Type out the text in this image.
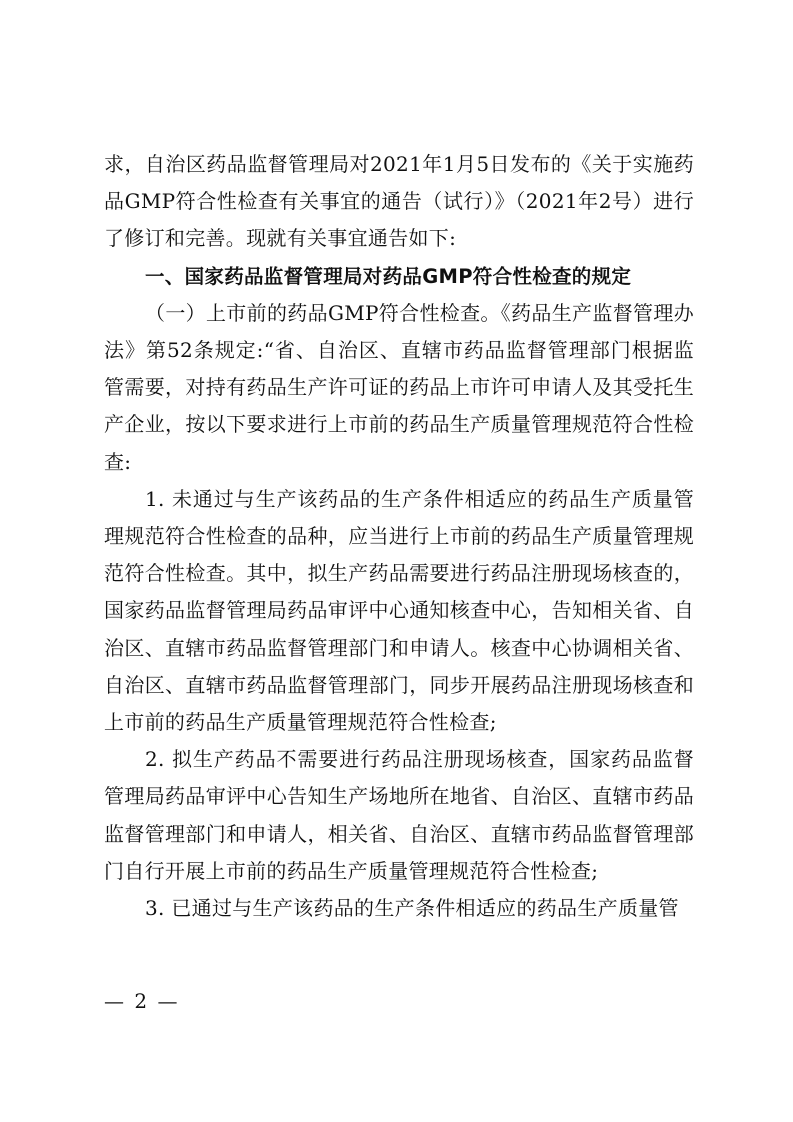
求，自治区药品监督管理局对2021年1月5日发布的《关于实施药品GMP符合性检查有关事宜的通告（试行）》（2021年2号）进行了修订和完善。现就有关事宜通告如下:

一、国家药品监督管理局对药品GMP符合性检查的规定

（一）上市前的药品GMP符合性检查。《药品生产监督管理办法》第52条规定:“省、自治区、直辖市药品监督管理部门根据监管需要，对持有药品生产许可证的药品上市许可申请人及其受托生产企业，按以下要求进行上市前的药品生产质量管理规范符合性检查:

1. 未通过与生产该药品的生产条件相适应的药品生产质量管理规范符合性检查的品种，应当进行上市前的药品生产质量管理规范符合性检查。其中，拟生产药品需要进行药品注册现场核查的，国家药品监督管理局药品审评中心通知核查中心，告知相关省、自治区、直辖市药品监督管理部门和申请人。核查中心协调相关省、自治区、直辖市药品监督管理部门，同步开展药品注册现场核查和上市前的药品生产质量管理规范符合性检查;

2. 拟生产药品不需要进行药品注册现场核查，国家药品监督管理局药品审评中心告知生产场地所在地省、自治区、直辖市药品监督管理部门和申请人，相关省、自治区、直辖市药品监督管理部门自行开展上市前的药品生产质量管理规范符合性检查;

3. 已通过与生产该药品的生产条件相适应的药品生产质量管

— 2 —
